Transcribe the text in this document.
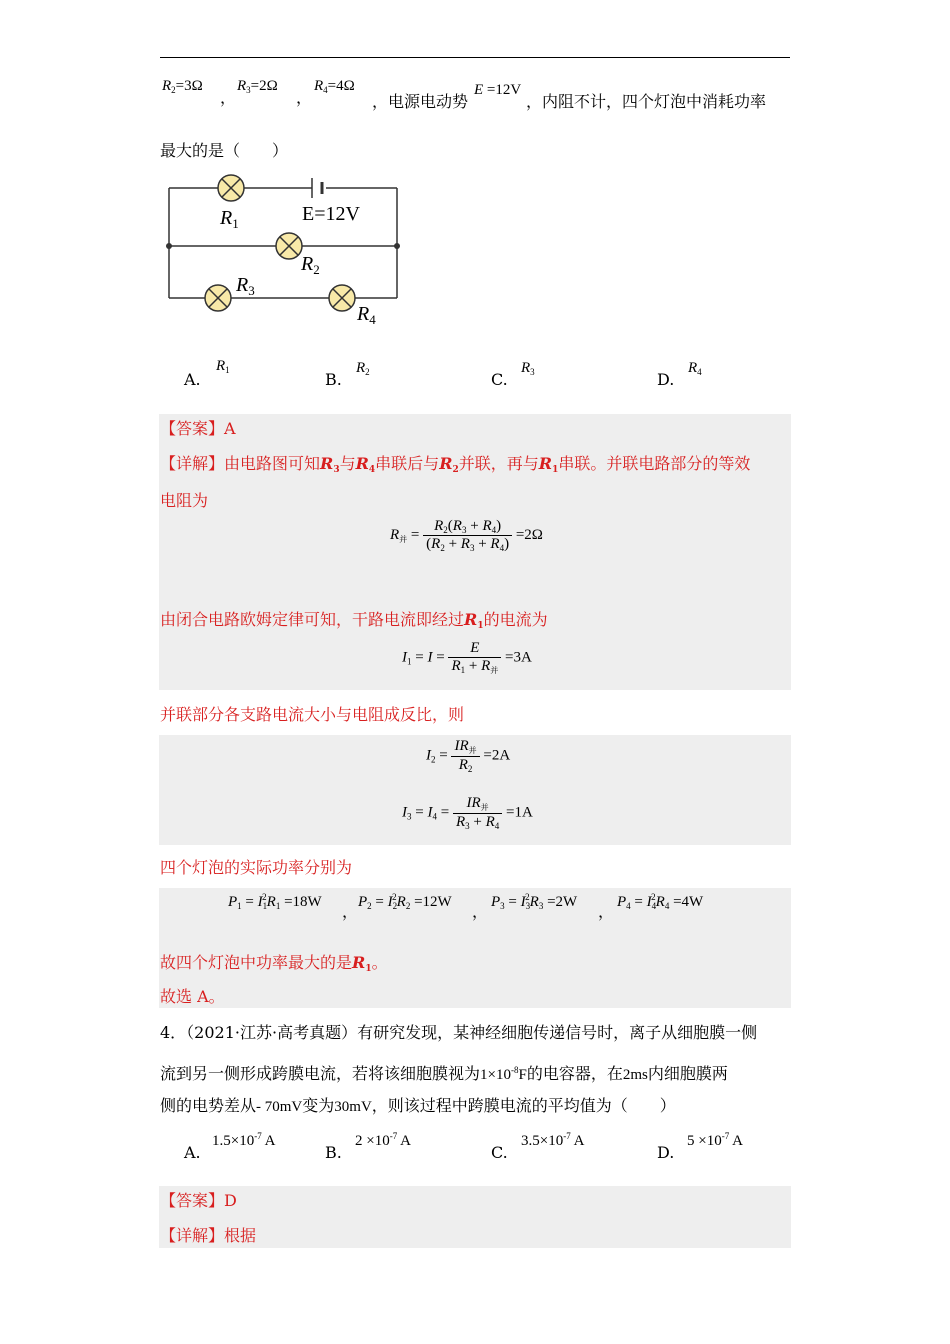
$R_2=3\Omega$
，
$R_3=2\Omega$
，
$R_4=4\Omega$
，电源电动势
E =12V
，内阻不计，四个灯泡中消耗功率
最大的是（　　）
$R_1$	E=12V
$R_2$
$R_3$
$R_4$
A.
$R_1$	B.
$R_2$	C.
$R_3$	D.
$R_4$
【答案】A
【详解】由电路图可知$R_3$与$R_4$串联后与$R_2$并联，再与$R_1$串联。并联电路部分的等效
电阻为
$R_并 = \frac{R_2(R_3 + R_4)}{(R_2 + R_3 + R_4)} =2\Omega$
由闭合电路欧姆定律可知，干路电流即经过$R_1$的电流为
$I_1 = I = \frac{E}{R_1 + R_并} =3A$
并联部分各支路电流大小与电阻成反比，则
$I_2 = \frac{IR_并}{R_2} =2A$
$I_3 = I_4 = \frac{IR_并}{R_3 + R_4} =1A$
四个灯泡的实际功率分别为
$P_1 = I_1^2R_1 =18W$ ， $P_2 = I_2^2R_2 =12W$ ， $P_3 = I_3^2R_3 =2W$ ， $P_4 = I_4^2R_4 =4W$
故四个灯泡中功率最大的是$R_1$。
故选 A。
4．（2021·江苏·高考真题）有研究发现，某神经细胞传递信号时，离子从细胞膜一侧
流到另一侧形成跨膜电流，若将该细胞膜视为$1\times 10^{-8}F$的电容器，在2ms内细胞膜两
侧的电势差从- 70mV变为30mV，则该过程中跨膜电流的平均值为（　　）
A.
$1.5\times 10^{-7}$ A
B.
$2 \times 10^{-7}$ A
C.
$3.5\times 10^{-7}$ A
D.
$5 \times 10^{-7}$ A
【答案】D
【详解】根据
